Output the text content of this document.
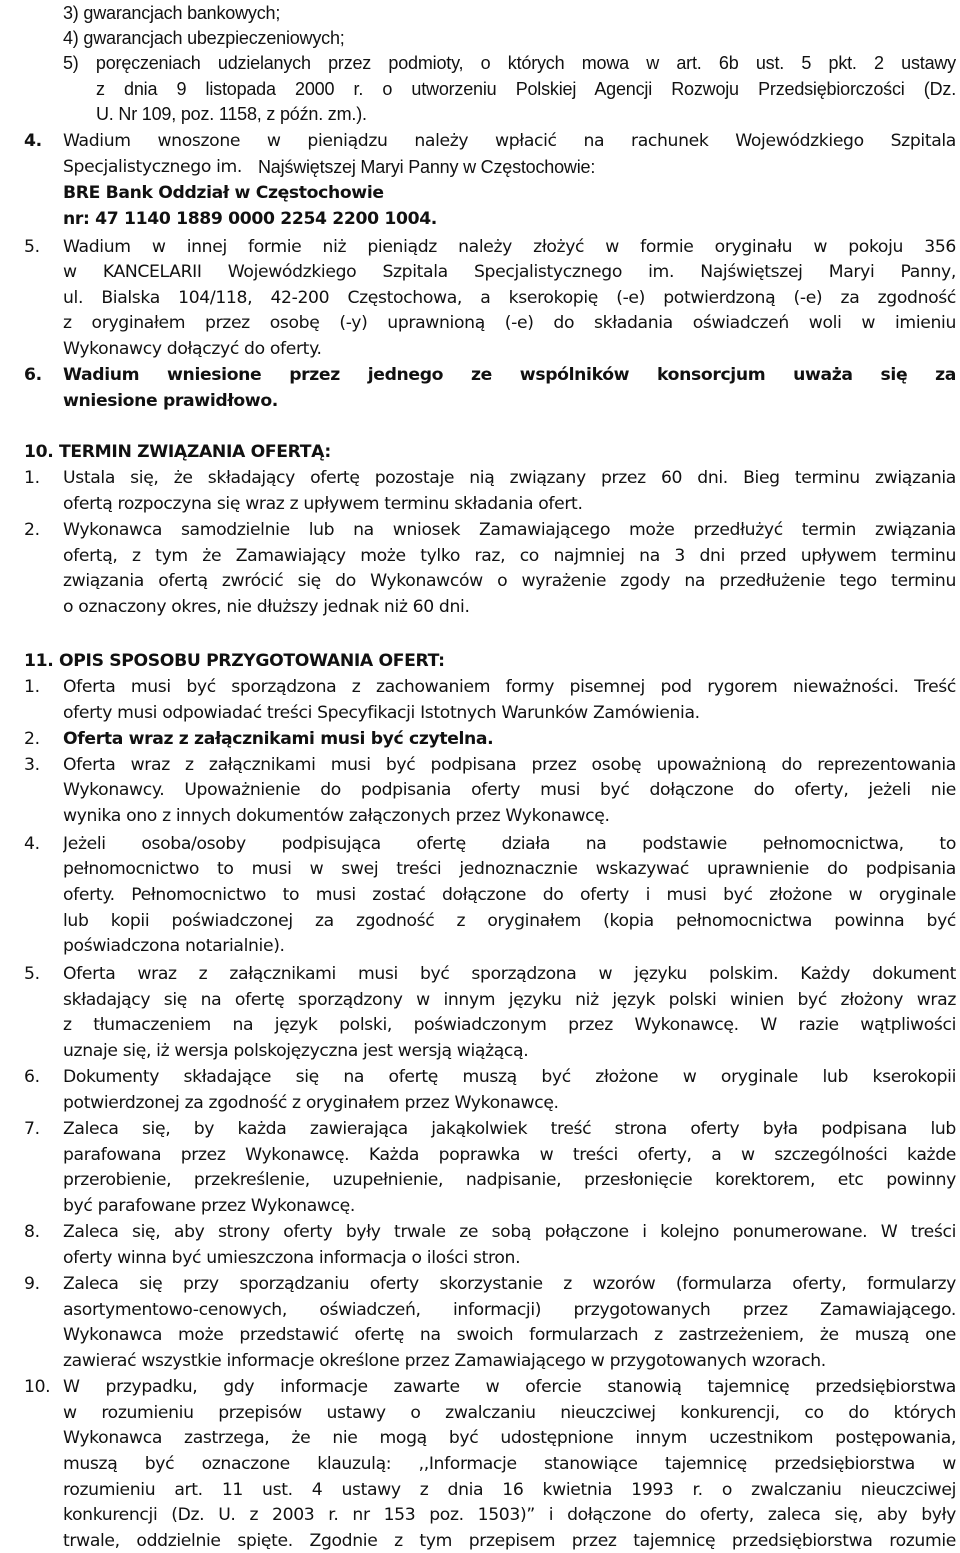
3) gwarancjach bankowych;
4) gwarancjach ubezpieczeniowych;
5) poręczeniach udzielanych przez podmioty, o których mowa w art. 6b ust. 5 pkt. 2 ustawy
z dnia 9 listopada 2000 r. o utworzeniu Polskiej Agencji Rozwoju Przedsiębiorczości (Dz.
U. Nr 109, poz. 1158, z późn. zm.).
4. Wadium wnoszone w pieniądzu należy wpłacić na rachunek Wojewódzkiego Szpitala
Specjalistycznego im. Najświętszej Maryi Panny w Częstochowie:
BRE Bank Oddział w Częstochowie
nr: 47 1140 1889 0000 2254 2200 1004.
5. Wadium w innej formie niż pieniądz należy złożyć w formie oryginału w pokoju 356
w KANCELARII Wojewódzkiego Szpitala Specjalistycznego im. Najświętszej Maryi Panny,
ul. Bialska 104/118, 42-200 Częstochowa, a kserokopię (-e) potwierdzoną (-e) za zgodność
z oryginałem przez osobę (-y) uprawnioną (-e) do składania oświadczeń woli w imieniu
Wykonawcy dołączyć do oferty.
6. Wadium wniesione przez jednego ze wspólników konsorcjum uważa się za
wniesione prawidłowo.
10. TERMIN ZWIĄZANIA OFERTĄ:
1. Ustala się, że składający ofertę pozostaje nią związany przez 60 dni. Bieg terminu związania
ofertą rozpoczyna się wraz z upływem terminu składania ofert.
2. Wykonawca samodzielnie lub na wniosek Zamawiającego może przedłużyć termin związania
ofertą, z tym że Zamawiający może tylko raz, co najmniej na 3 dni przed upływem terminu
związania ofertą zwrócić się do Wykonawców o wyrażenie zgody na przedłużenie tego terminu
o oznaczony okres, nie dłuższy jednak niż 60 dni.
11. OPIS SPOSOBU PRZYGOTOWANIA OFERT:
1. Oferta musi być sporządzona z zachowaniem formy pisemnej pod rygorem nieważności. Treść
oferty musi odpowiadać treści Specyfikacji Istotnych Warunków Zamówienia.
2. Oferta wraz z załącznikami musi być czytelna.
3. Oferta wraz z załącznikami musi być podpisana przez osobę upoważnioną do reprezentowania
Wykonawcy. Upoważnienie do podpisania oferty musi być dołączone do oferty, jeżeli nie
wynika ono z innych dokumentów załączonych przez Wykonawcę.
4. Jeżeli osoba/osoby podpisująca ofertę działa na podstawie pełnomocnictwa, to
pełnomocnictwo to musi w swej treści jednoznacznie wskazywać uprawnienie do podpisania
oferty. Pełnomocnictwo to musi zostać dołączone do oferty i musi być złożone w oryginale
lub kopii poświadczonej za zgodność z oryginałem (kopia pełnomocnictwa powinna być
poświadczona notarialnie).
5. Oferta wraz z załącznikami musi być sporządzona w języku polskim. Każdy dokument
składający się na ofertę sporządzony w innym języku niż język polski winien być złożony wraz
z tłumaczeniem na język polski, poświadczonym przez Wykonawcę. W razie wątpliwości
uznaje się, iż wersja polskojęzyczna jest wersją wiążącą.
6. Dokumenty składające się na ofertę muszą być złożone w oryginale lub kserokopii
potwierdzonej za zgodność z oryginałem przez Wykonawcę.
7. Zaleca się, by każda zawierająca jakąkolwiek treść strona oferty była podpisana lub
parafowana przez Wykonawcę. Każda poprawka w treści oferty, a w szczególności każde
przerobienie, przekreślenie, uzupełnienie, nadpisanie, przesłonięcie korektorem, etc powinny
być parafowane przez Wykonawcę.
8. Zaleca się, aby strony oferty były trwale ze sobą połączone i kolejno ponumerowane. W treści
oferty winna być umieszczona informacja o ilości stron.
9. Zaleca się przy sporządzaniu oferty skorzystanie z wzorów (formularza oferty, formularzy
asortymentowo-cenowych, oświadczeń, informacji) przygotowanych przez Zamawiającego.
Wykonawca może przedstawić ofertę na swoich formularzach z zastrzeżeniem, że muszą one
zawierać wszystkie informacje określone przez Zamawiającego w przygotowanych wzorach.
10. W przypadku, gdy informacje zawarte w ofercie stanowią tajemnicę przedsiębiorstwa
w rozumieniu przepisów ustawy o zwalczaniu nieuczciwej konkurencji, co do których
Wykonawca zastrzega, że nie mogą być udostępnione innym uczestnikom postępowania,
muszą być oznaczone klauzulą: ,,Informacje stanowiące tajemnicę przedsiębiorstwa w
rozumieniu art. 11 ust. 4 ustawy z dnia 16 kwietnia 1993 r. o zwalczaniu nieuczciwej
konkurencji (Dz. U. z 2003 r. nr 153 poz. 1503)” i dołączone do oferty, zaleca się, aby były
trwale, oddzielnie spięte. Zgodnie z tym przepisem przez tajemnicę przedsiębiorstwa rozumie
